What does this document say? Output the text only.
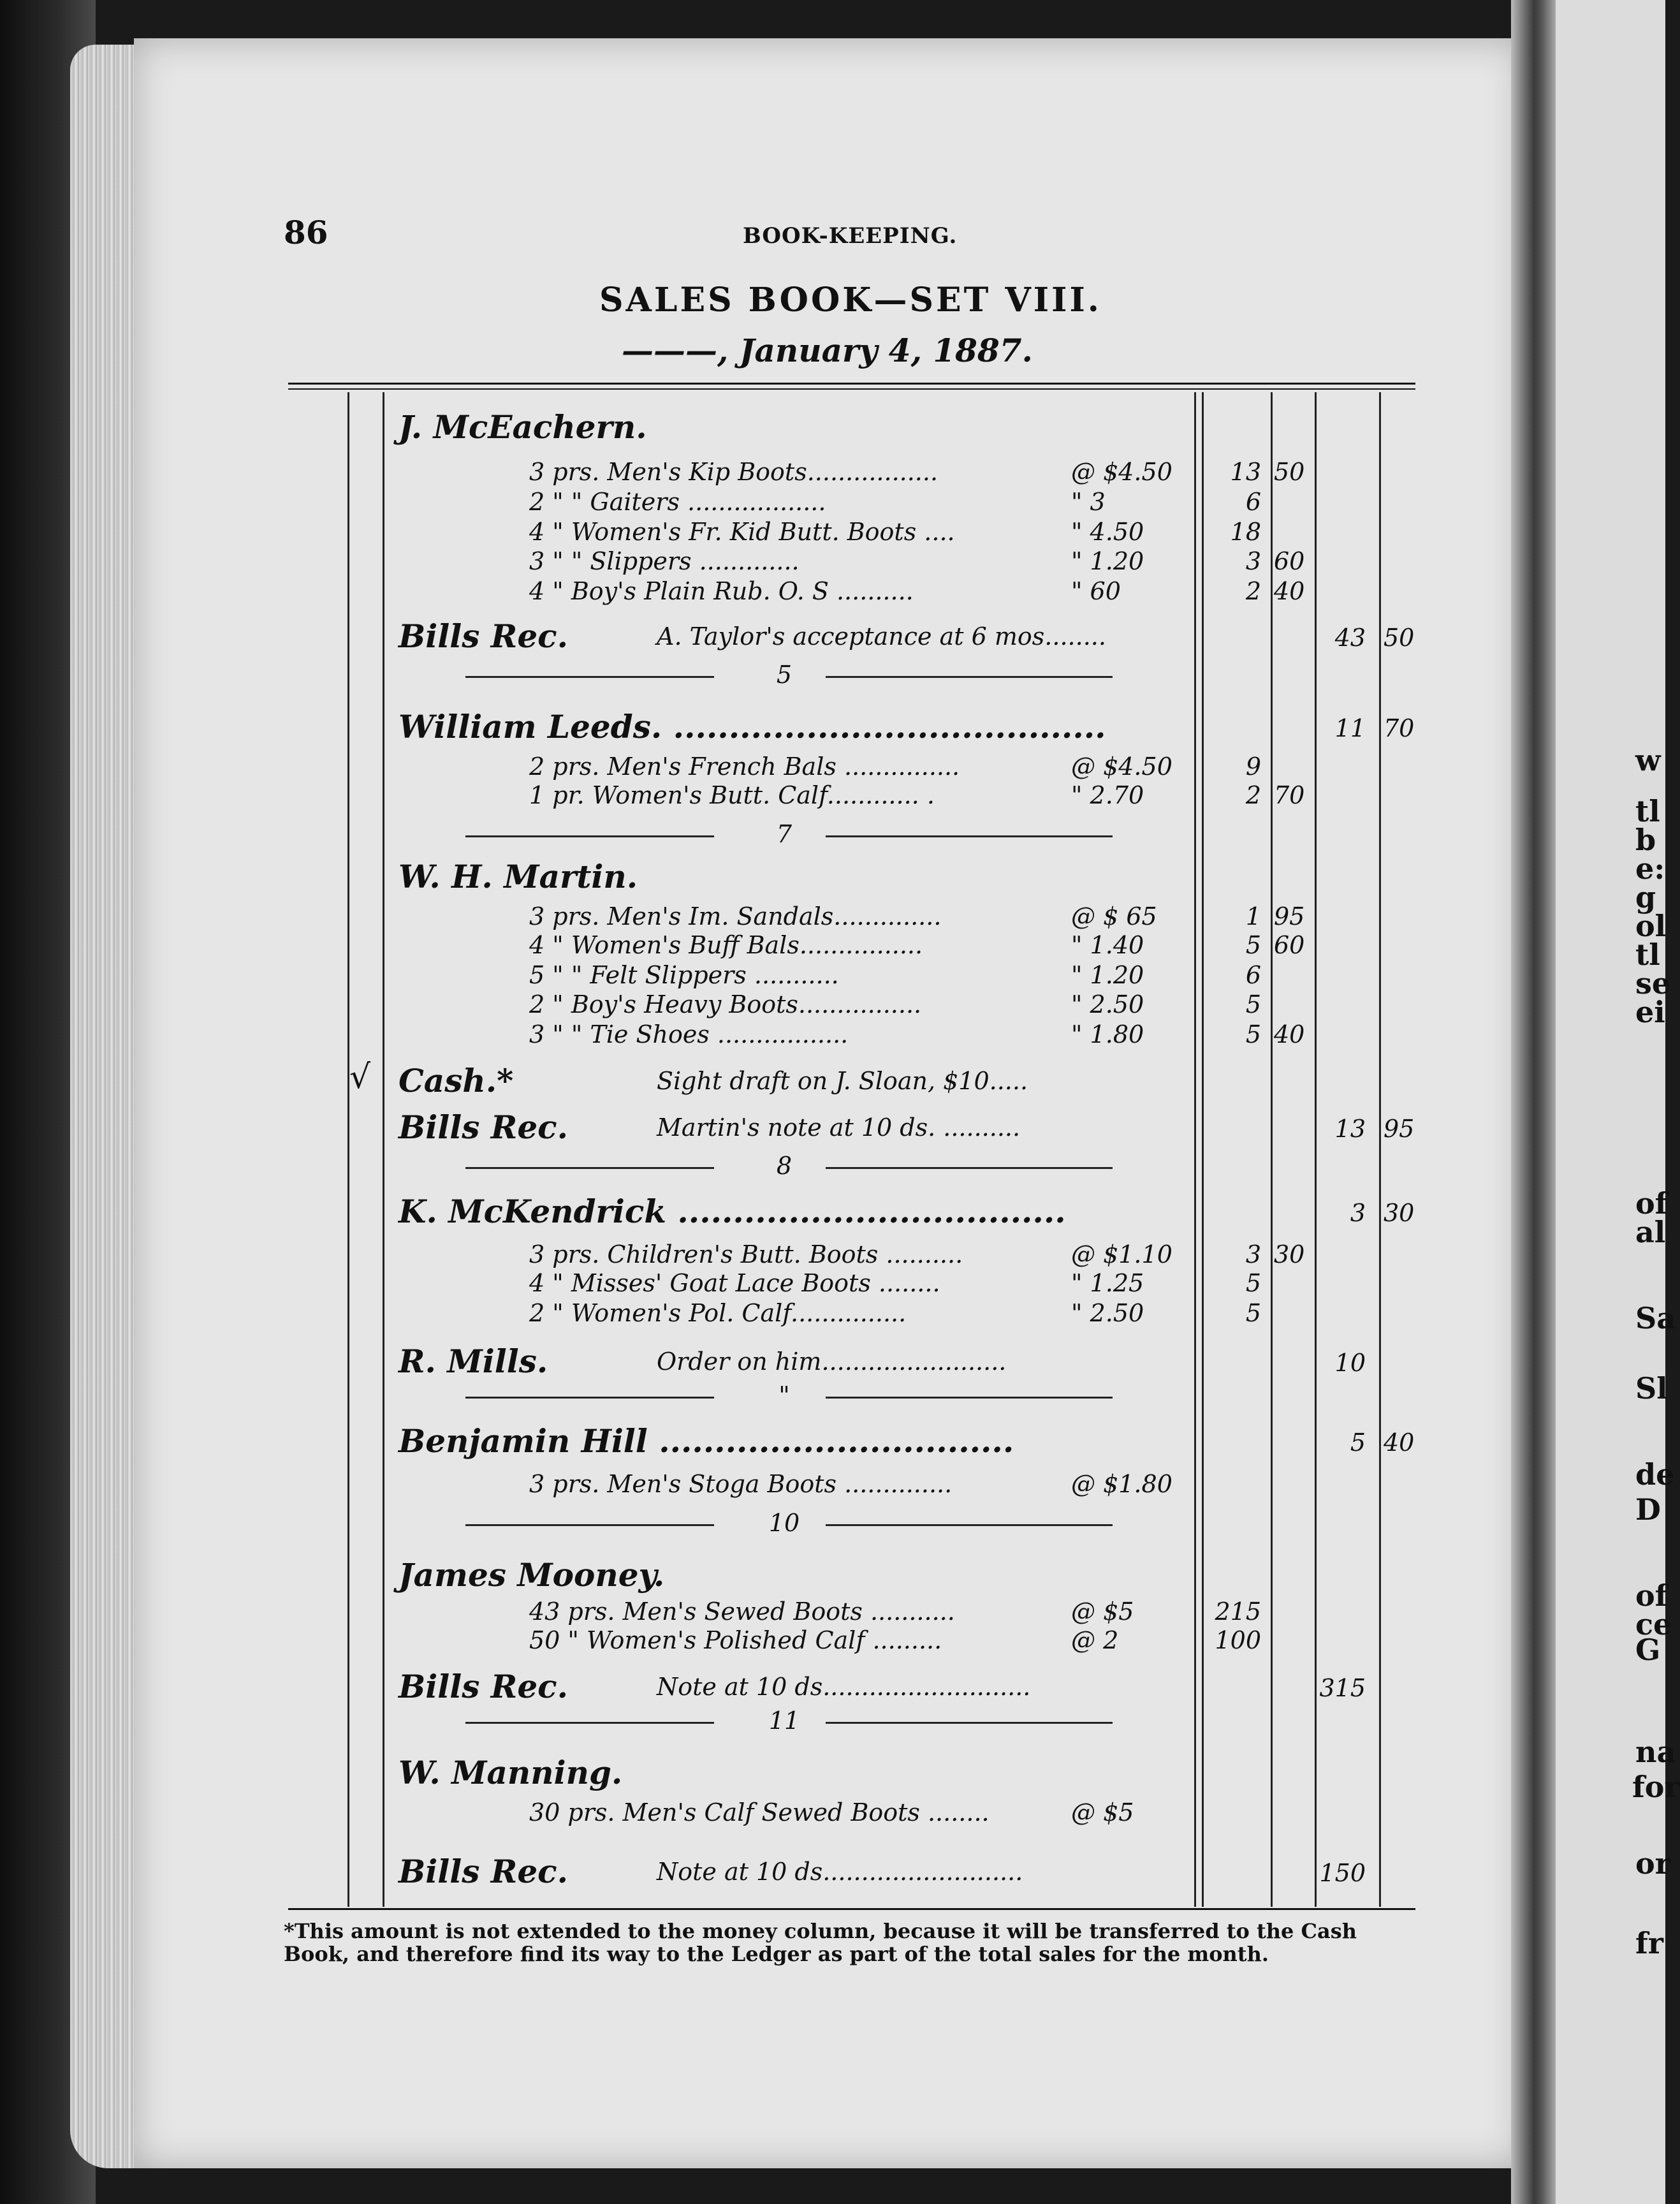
86	BOOK-KEEPING.
SALES BOOK—SET VIII.
———, January 4, 1887.
J. McEachern.
3 prs. Men's Kip Boots.................	@ $4.50	13 50
2 " " Gaiters ..................	" 3	6
4 " Women's Fr. Kid Butt. Boots ....	" 4.50	18
3 " " Slippers .............	" 1.20	3 60
4 " Boy's Plain Rub. O. S ..........	" 60	2 40
Bills Rec.	A. Taylor's acceptance at 6 mos........	43 50
5
William Leeds. .......................................	11 70
2 prs. Men's French Bals ...............	@ $4.50	9
1 pr. Women's Butt. Calf............ .	" 2.70	2 70
7
W. H. Martin.
3 prs. Men's Im. Sandals..............	@ $ 65	1 95
4 " Women's Buff Bals................	" 1.40	5 60
5 " " Felt Slippers ...........	" 1.20	6
2 " Boy's Heavy Boots................	" 2.50	5
3 " " Tie Shoes .................	" 1.80	5 40
√ Cash.*	Sight draft on J. Sloan, $10.....
Bills Rec.	Martin's note at 10 ds. ..........	13 95
8
K. McKendrick ...................................	3 30
3 prs. Children's Butt. Boots ..........	@ $1.10	3 30
4 " Misses' Goat Lace Boots ........	" 1.25	5
2 " Women's Pol. Calf...............	" 2.50	5
R. Mills.	Order on him........................	10
"
Benjamin Hill ................................	5 40
3 prs. Men's Stoga Boots ..............	@ $1.80
10
James Mooney.
43 prs. Men's Sewed Boots ...........	@ $5	215
50 " Women's Polished Calf .........	@ 2	100
Bills Rec.	Note at 10 ds...........................	315
11
W. Manning.
30 prs. Men's Calf Sewed Boots ........	@ $5
Bills Rec.	Note at 10 ds..........................	150
*This amount is not extended to the money column, because it will be transferred to the Cash Book, and therefore find its way to the Ledger as part of the total sales for the month.
w
tl
b
e:
g
ol
tl
se
ei
of
al
Sa
Sl
de
D
of
ce
G
na
for
or
fr
